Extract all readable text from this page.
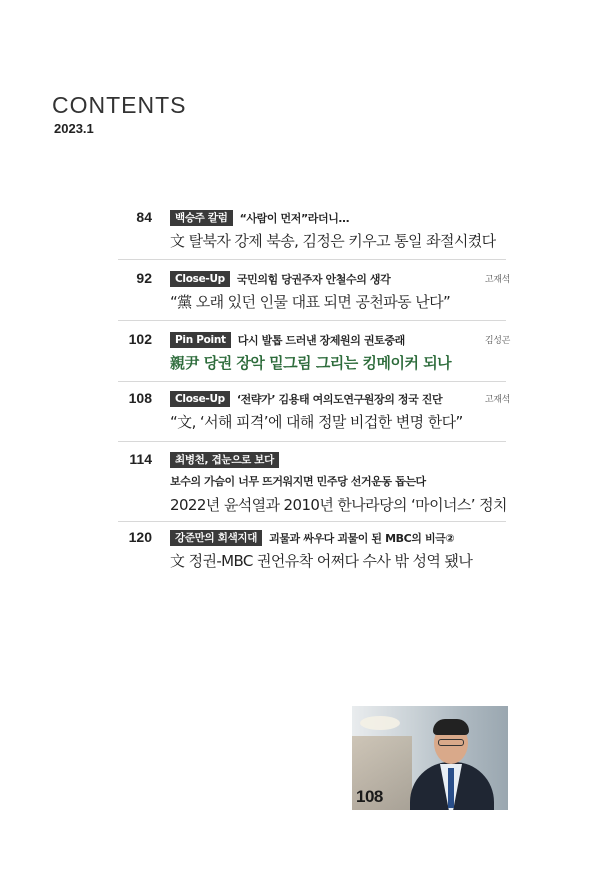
CONTENTS
2023.1
84	백승주 칼럼	“사람이 먼저”라더니…
文 탈북자 강제 북송, 김정은 키우고 통일 좌절시켰다
92	Close-Up	국민의힘 당권주자 안철수의 생각	고재석
“黨 오래 있던 인물 대표 되면 공천파동 난다”
102	Pin Point	다시 발톱 드러낸 장제원의 권토중래	김성곤
親尹 당권 장악 밑그림 그리는 킹메이커 되나
108	Close-Up	‘전략가’ 김용태 여의도연구원장의 정국 진단	고재석
“文, ‘서해 피격’에 대해 정말 비겁한 변명 한다”
114	최병천, 겹눈으로 보다
보수의 가슴이 너무 뜨거워지면 민주당 선거운동 돕는다
2022년 윤석열과 2010년 한나라당의 ‘마이너스’ 정치
120	강준만의 회색지대	괴물과 싸우다 괴물이 된 MBC의 비극②
文 정권-MBC 권언유착 어쩌다 수사 밖 성역 됐나
108
